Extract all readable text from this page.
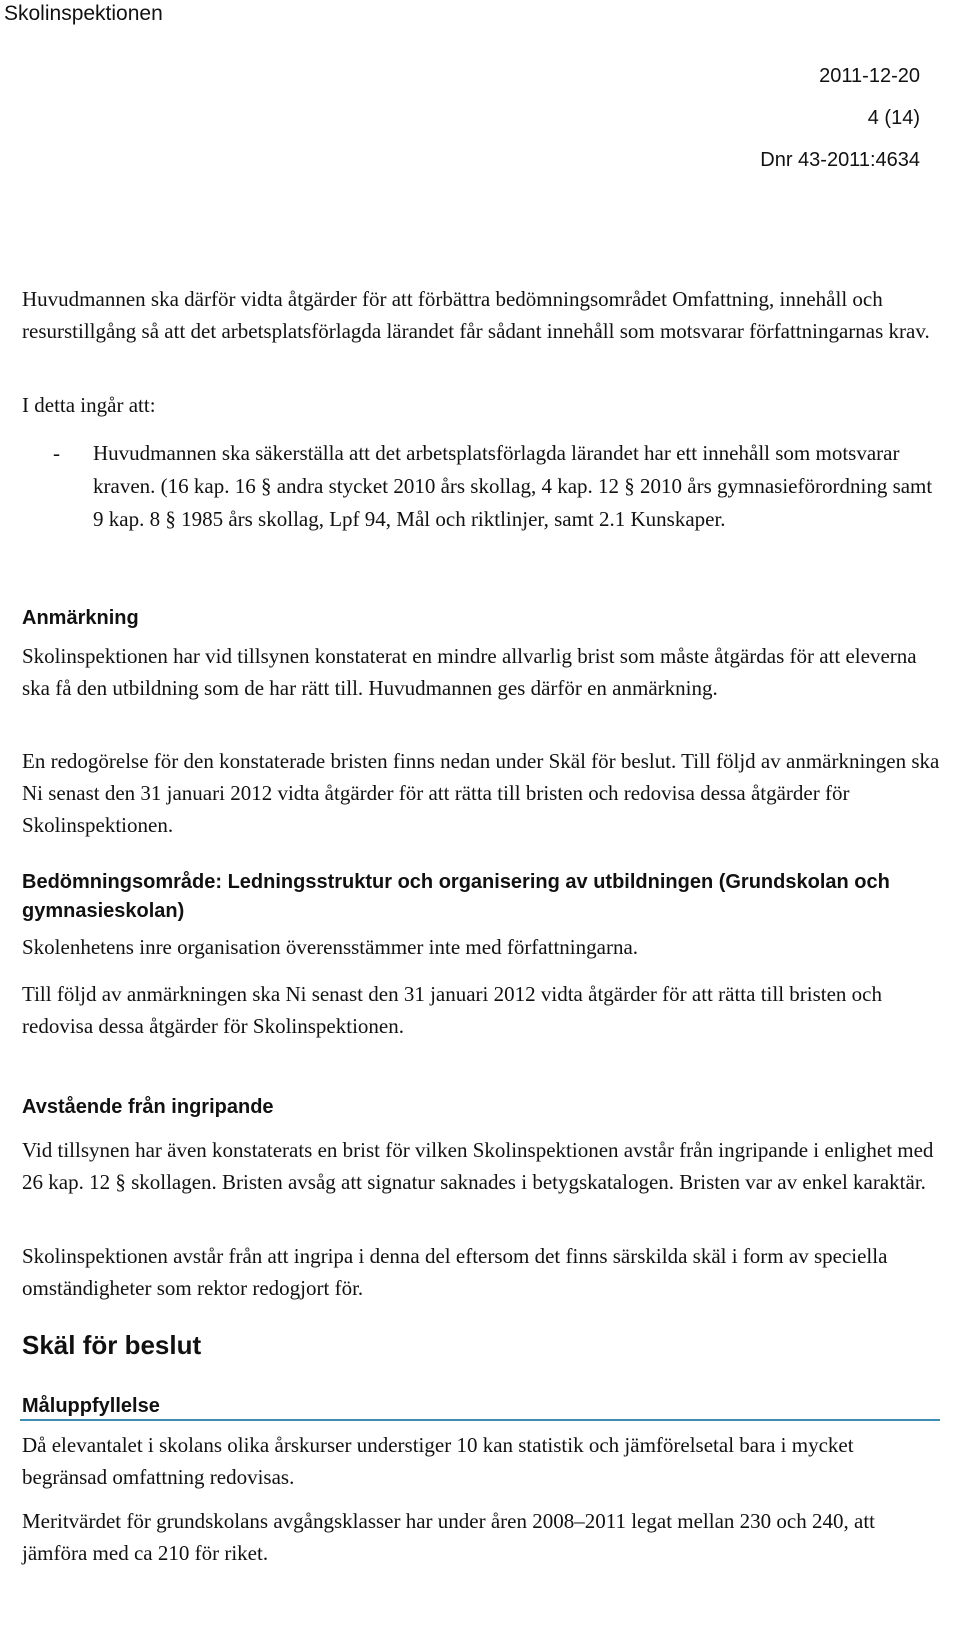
Skolinspektionen
2011-12-20
4 (14)
Dnr 43-2011:4634

Huvudmannen ska därför vidta åtgärder för att förbättra bedömningsområdet Omfattning, innehåll och resurstillgång så att det arbetsplatsförlagda lärandet får sådant innehåll som motsvarar författningarnas krav.

I detta ingår att:

- Huvudmannen ska säkerställa att det arbetsplatsförlagda lärandet har ett innehåll som motsvarar kraven. (16 kap. 16 § andra stycket 2010 års skollag, 4 kap. 12 § 2010 års gymnasieförordning samt 9 kap. 8 § 1985 års skollag, Lpf 94, Mål och riktlinjer, samt 2.1 Kunskaper.

Anmärkning

Skolinspektionen har vid tillsynen konstaterat en mindre allvarlig brist som måste åtgärdas för att eleverna ska få den utbildning som de har rätt till. Huvudmannen ges därför en anmärkning.

En redogörelse för den konstaterade bristen finns nedan under Skäl för beslut. Till följd av anmärkningen ska Ni senast den 31 januari 2012 vidta åtgärder för att rätta till bristen och redovisa dessa åtgärder för Skolinspektionen.

Bedömningsområde: Ledningsstruktur och organisering av utbildningen (Grundskolan och gymnasieskolan)

Skolenhetens inre organisation överensstämmer inte med författningarna.

Till följd av anmärkningen ska Ni senast den 31 januari 2012 vidta åtgärder för att rätta till bristen och redovisa dessa åtgärder för Skolinspektionen.

Avstående från ingripande

Vid tillsynen har även konstaterats en brist för vilken Skolinspektionen avstår från ingripande i enlighet med 26 kap. 12 § skollagen. Bristen avsåg att signatur saknades i betygskatalogen. Bristen var av enkel karaktär.

Skolinspektionen avstår från att ingripa i denna del eftersom det finns särskilda skäl i form av speciella omständigheter som rektor redogjort för.

Skäl för beslut
Måluppfyllelse

Då elevantalet i skolans olika årskurser understiger 10 kan statistik och jämförelsetal bara i mycket begränsad omfattning redovisas.

Meritvärdet för grundskolans avgångsklasser har under åren 2008–2011 legat mellan 230 och 240, att jämföra med ca 210 för riket.
